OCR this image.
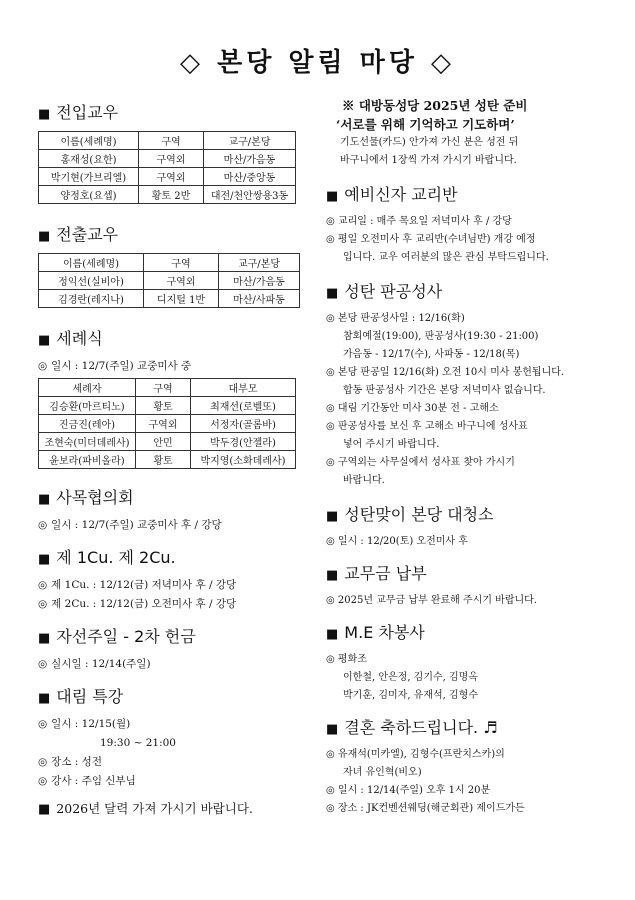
◇ 본당 알림 마당 ◇
■ 전입교우
이름(세례명)	구역	교구/본당
홍재성(요한)	구역외	마산/가음동
박기현(가브리엘)	구역외	마산/중앙동
양정호(요셉)	황토 2반	대전/천안쌍용3동
■ 전출교우
이름(세례명)	구역	교구/본당
정익선(실비아)	구역외	마산/가음동
김경란(레지나)	디지털 1반	마산/사파동
■ 세례식
◎ 일시 : 12/7(주일) 교중미사 중
세례자	구역	대부모
김승환(마르티노)	황토	최재선(로벨또)
진금진(레아)	구역외	서정자(골롬바)
조현숙(미더데레사)	안민	박두경(안젤라)
윤보라(파비올라)	황토	박지영(소화데레사)
■ 사목협의회
◎ 일시 : 12/7(주일) 교중미사 후 / 강당
■ 제 1Cu. 제 2Cu.
◎ 제 1Cu. : 12/12(금) 저녁미사 후 / 강당
◎ 제 2Cu. : 12/12(금) 오전미사 후 / 강당
■ 자선주일 - 2차 헌금
◎ 실시일 : 12/14(주일)
■ 대림 특강
◎ 일시 : 12/15(월)
19:30 ~ 21:00
◎ 장소 : 성전
◎ 강사 : 주임 신부님
■ 2026년 달력 가져 가시기 바랍니다.
※ 대방동성당 2025년 성탄 준비
‘서로를 위해 기억하고 기도하며’
기도선물(카드) 안가져 가신 분은 성전 뒤
바구니에서 1장씩 가져 가시기 바랍니다.
■ 예비신자 교리반
◎ 교리일 : 매주 목요일 저녁미사 후 / 강당
◎ 평일 오전미사 후 교리반(수녀님반) 개강 예정
입니다. 교우 여러분의 많은 관심 부탁드립니다.
■ 성탄 판공성사
◎ 본당 판공성사일 : 12/16(화)
참회예절(19:00), 판공성사(19:30 - 21:00)
가음동 - 12/17(수), 사파동 - 12/18(목)
◎ 본당 판공일 12/16(화) 오전 10시 미사 봉헌됩니다.
합동 판공성사 기간은 본당 저녁미사 없습니다.
◎ 대림 기간동안 미사 30분 전 - 고해소
◎ 판공성사를 보신 후 고해소 바구니에 성사표
넣어 주시기 바랍니다.
◎ 구역외는 사무실에서 성사표 찾아 가시기
바랍니다.
■ 성탄맞이 본당 대청소
◎ 일시 : 12/20(토) 오전미사 후
■ 교무금 납부
◎ 2025년 교무금 납부 완료해 주시기 바랍니다.
■ M.E 차봉사
◎ 평화조
이한철, 안은정, 김기수, 김명옥
박기훈, 김미자, 유재석, 김형수
■ 결혼 축하드립니다. ♬
◎ 유재석(미카엘), 김형수(프란치스카)의
자녀 유인혁(비오)
◎ 일시 : 12/14(주일) 오후 1시 20분
◎ 장소 : JK컨벤션웨딩(해군회관) 제이드가든
